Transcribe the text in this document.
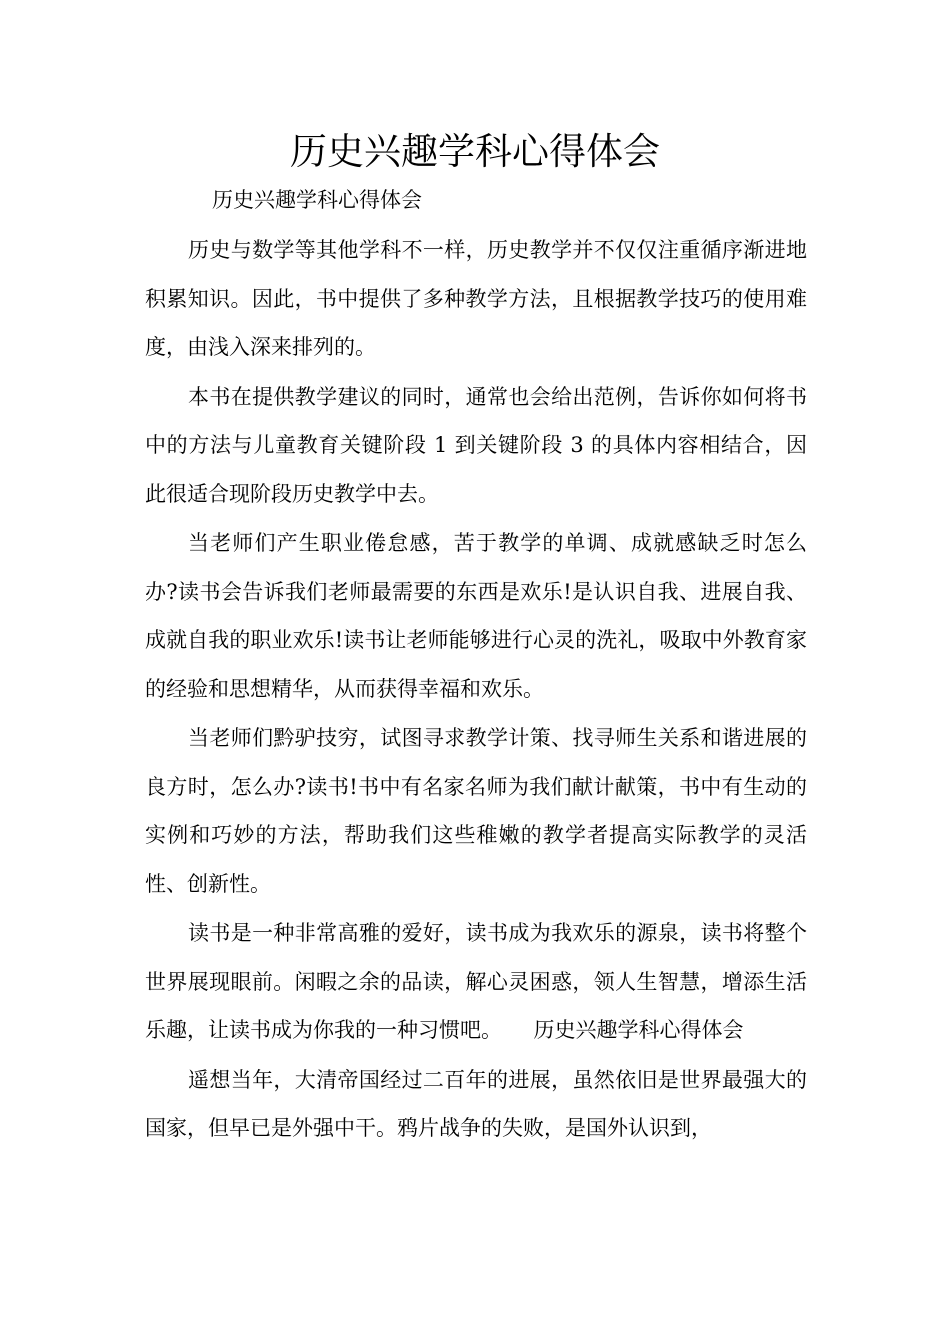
历史兴趣学科心得体会

历史兴趣学科心得体会

历史与数学等其他学科不一样，历史教学并不仅仅注重循序渐进地积累知识。因此，书中提供了多种教学方法，且根据教学技巧的使用难度，由浅入深来排列的。

本书在提供教学建议的同时，通常也会给出范例，告诉你如何将书中的方法与儿童教育关键阶段 1 到关键阶段 3 的具体内容相结合，因此很适合现阶段历史教学中去。

当老师们产生职业倦怠感，苦于教学的单调、成就感缺乏时怎么办?读书会告诉我们老师最需要的东西是欢乐!是认识自我、进展自我、成就自我的职业欢乐!读书让老师能够进行心灵的洗礼，吸取中外教育家的经验和思想精华，从而获得幸福和欢乐。

当老师们黔驴技穷，试图寻求教学计策、找寻师生关系和谐进展的良方时，怎么办?读书!书中有名家名师为我们献计献策，书中有生动的实例和巧妙的方法，帮助我们这些稚嫩的教学者提高实际教学的灵活性、创新性。

读书是一种非常高雅的爱好，读书成为我欢乐的源泉，读书将整个世界展现眼前。闲暇之余的品读，解心灵困惑，领人生智慧，增添生活乐趣，让读书成为你我的一种习惯吧。　　历史兴趣学科心得体会

遥想当年，大清帝国经过二百年的进展，虽然依旧是世界最强大的国家，但早已是外强中干。鸦片战争的失败，是国外认识到，
